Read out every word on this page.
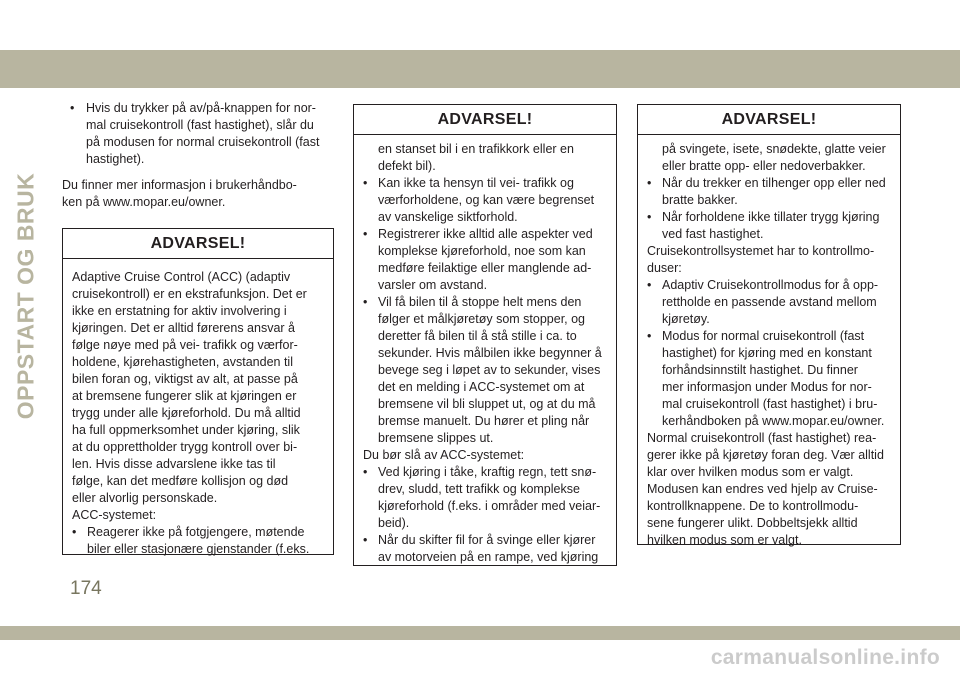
OPPSTART OG BRUK
• Hvis du trykker på av/på-knappen for nor-
mal cruisekontroll (fast hastighet), slår du
på modusen for normal cruisekontroll (fast
hastighet).
Du finner mer informasjon i brukerhåndbo-
ken på www.mopar.eu/owner.
ADVARSEL!
Adaptive Cruise Control (ACC) (adaptiv
cruisekontroll) er en ekstrafunksjon. Det er
ikke en erstatning for aktiv involvering i
kjøringen. Det er alltid førerens ansvar å
følge nøye med på vei- trafikk og værfor-
holdene, kjørehastigheten, avstanden til
bilen foran og, viktigst av alt, at passe på
at bremsene fungerer slik at kjøringen er
trygg under alle kjøreforhold. Du må alltid
ha full oppmerksomhet under kjøring, slik
at du opprettholder trygg kontroll over bi-
len. Hvis disse advarslene ikke tas til
følge, kan det medføre kollisjon og død
eller alvorlig personskade.
ACC-systemet:
• Reagerer ikke på fotgjengere, møtende
biler eller stasjonære gjenstander (f.eks.
ADVARSEL!
en stanset bil i en trafikkork eller en
defekt bil).
• Kan ikke ta hensyn til vei- trafikk og
værforholdene, og kan være begrenset
av vanskelige siktforhold.
• Registrerer ikke alltid alle aspekter ved
komplekse kjøreforhold, noe som kan
medføre feilaktige eller manglende ad-
varsler om avstand.
• Vil få bilen til å stoppe helt mens den
følger et målkjøretøy som stopper, og
deretter få bilen til å stå stille i ca. to
sekunder. Hvis målbilen ikke begynner å
bevege seg i løpet av to sekunder, vises
det en melding i ACC-systemet om at
bremsene vil bli sluppet ut, og at du må
bremse manuelt. Du hører et pling når
bremsene slippes ut.
Du bør slå av ACC-systemet:
• Ved kjøring i tåke, kraftig regn, tett snø-
drev, sludd, tett trafikk og komplekse
kjøreforhold (f.eks. i områder med veiar-
beid).
• Når du skifter fil for å svinge eller kjører
av motorveien på en rampe, ved kjøring
ADVARSEL!
på svingete, isete, snødekte, glatte veier
eller bratte opp- eller nedoverbakker.
• Når du trekker en tilhenger opp eller ned
bratte bakker.
• Når forholdene ikke tillater trygg kjøring
ved fast hastighet.
Cruisekontrollsystemet har to kontrollmo-
duser:
• Adaptiv Cruisekontrollmodus for å opp-
rettholde en passende avstand mellom
kjøretøy.
• Modus for normal cruisekontroll (fast
hastighet) for kjøring med en konstant
forhåndsinnstilt hastighet. Du finner
mer informasjon under Modus for nor-
mal cruisekontroll (fast hastighet) i bru-
kerhåndboken på www.mopar.eu/owner.
Normal cruisekontroll (fast hastighet) rea-
gerer ikke på kjøretøy foran deg. Vær alltid
klar over hvilken modus som er valgt.
Modusen kan endres ved hjelp av Cruise-
kontrollknappene. De to kontrollmodu-
sene fungerer ulikt. Dobbeltsjekk alltid
hvilken modus som er valgt.
174
carmanualsonline.info
